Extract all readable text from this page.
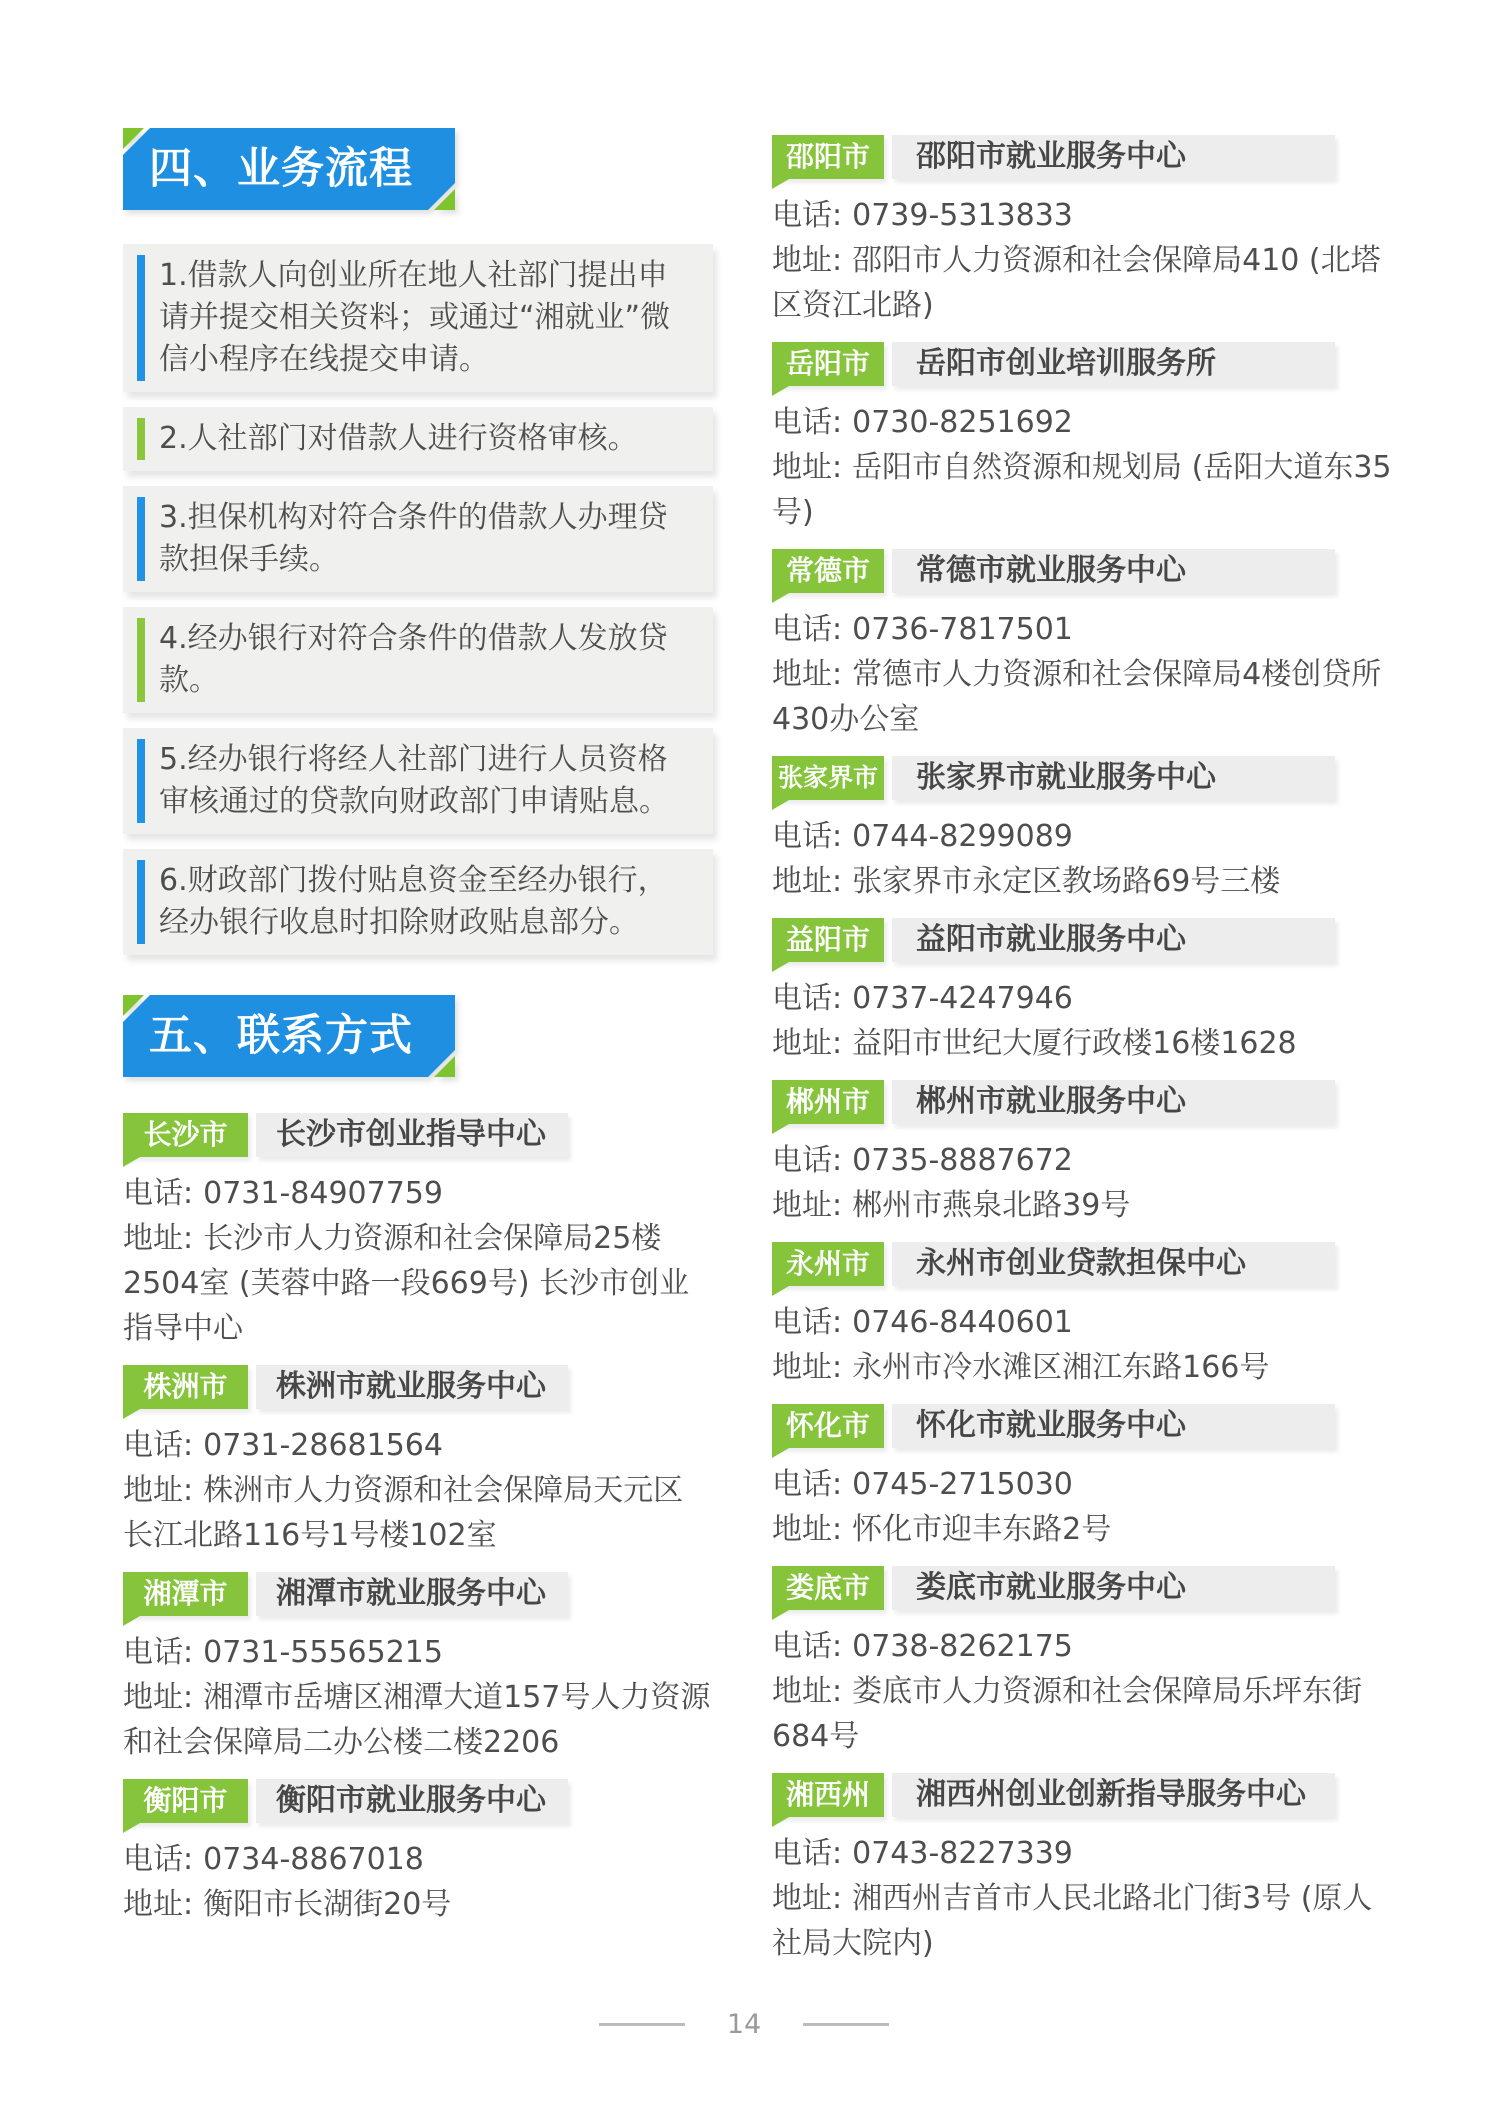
四、业务流程
1.借款人向创业所在地人社部门提出申请并提交相关资料；或通过“湘就业”微信小程序在线提交申请。
2.人社部门对借款人进行资格审核。
3.担保机构对符合条件的借款人办理贷款担保手续。
4.经办银行对符合条件的借款人发放贷款。
5.经办银行将经人社部门进行人员资格审核通过的贷款向财政部门申请贴息。
6.财政部门拨付贴息资金至经办银行，经办银行收息时扣除财政贴息部分。
五、联系方式
长沙市	长沙市创业指导中心
电话: 0731-84907759
地址: 长沙市人力资源和社会保障局25楼2504室 (芙蓉中路一段669号) 长沙市创业指导中心
株洲市	株洲市就业服务中心
电话: 0731-28681564
地址: 株洲市人力资源和社会保障局天元区长江北路116号1号楼102室
湘潭市	湘潭市就业服务中心
电话: 0731-55565215
地址: 湘潭市岳塘区湘潭大道157号人力资源和社会保障局二办公楼二楼2206
衡阳市	衡阳市就业服务中心
电话: 0734-8867018
地址: 衡阳市长湖街20号
邵阳市	邵阳市就业服务中心
电话: 0739-5313833
地址: 邵阳市人力资源和社会保障局410 (北塔区资江北路)
岳阳市	岳阳市创业培训服务所
电话: 0730-8251692
地址: 岳阳市自然资源和规划局 (岳阳大道东35号)
常德市	常德市就业服务中心
电话: 0736-7817501
地址: 常德市人力资源和社会保障局4楼创贷所430办公室
张家界市	张家界市就业服务中心
电话: 0744-8299089
地址: 张家界市永定区教场路69号三楼
益阳市	益阳市就业服务中心
电话: 0737-4247946
地址: 益阳市世纪大厦行政楼16楼1628
郴州市	郴州市就业服务中心
电话: 0735-8887672
地址: 郴州市燕泉北路39号
永州市	永州市创业贷款担保中心
电话: 0746-8440601
地址: 永州市冷水滩区湘江东路166号
怀化市	怀化市就业服务中心
电话: 0745-2715030
地址: 怀化市迎丰东路2号
娄底市	娄底市就业服务中心
电话: 0738-8262175
地址: 娄底市人力资源和社会保障局乐坪东街684号
湘西州	湘西州创业创新指导服务中心
电话: 0743-8227339
地址: 湘西州吉首市人民北路北门街3号 (原人社局大院内)
14
